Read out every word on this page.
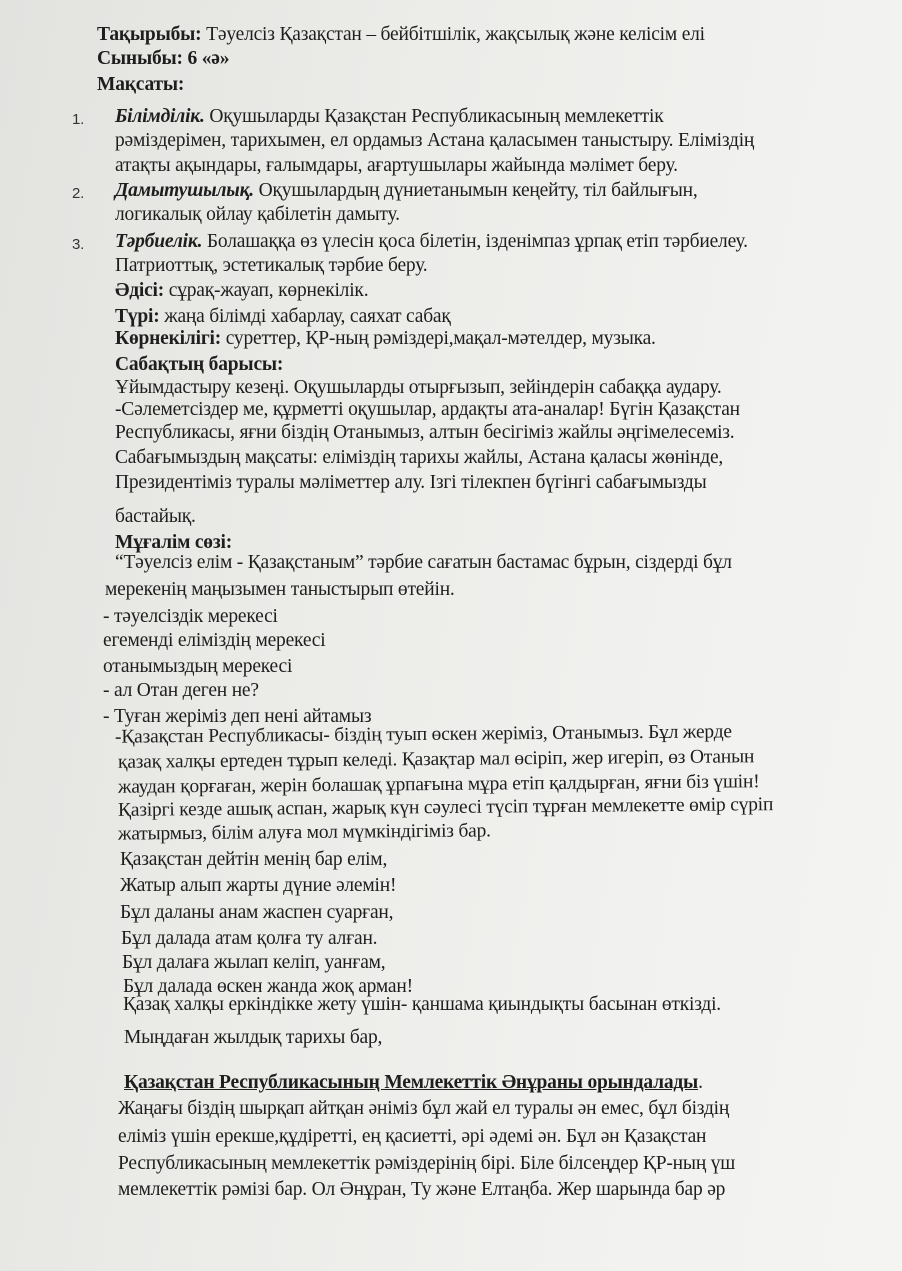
Тақырыбы: Тәуелсіз Қазақстан – бейбітшілік, жақсылық және келісім елі
Сыныбы: 6 «ә»
Мақсаты:
1. Білімділік. Оқушыларды Қазақстан Республикасының мемлекеттік
рәміздерімен, тарихымен, ел ордамыз Астана қаласымен таныстыру. Еліміздің
атақты ақындары, ғалымдары, ағартушылары жайында мәлімет беру.
2. Дамытушылық. Оқушылардың дүниетанымын кеңейту, тіл байлығын,
логикалық ойлау қабілетін дамыту.
3. Тәрбиелік. Болашаққа өз үлесін қоса білетін, ізденімпаз ұрпақ етіп тәрбиелеу.
Патриоттық, эстетикалық тәрбие беру.
Әдісі: сұрақ-жауап, көрнекілік.
Түрі: жаңа білімді хабарлау, саяхат сабақ
Көрнекілігі: суреттер, ҚР-ның рәміздері,мақал-мәтелдер, музыка.
Сабақтың барысы:
Ұйымдастыру кезеңі. Оқушыларды отырғызып, зейіндерін сабаққа аудару.
-Сәлеметсіздер ме, құрметті оқушылар, ардақты ата-аналар! Бүгін Қазақстан
Республикасы, яғни біздің Отанымыз, алтын бесігіміз жайлы әңгімелесеміз.
Сабағымыздың мақсаты: еліміздің тарихы жайлы, Астана қаласы жөнінде,
Президентіміз туралы мәліметтер алу. Ізгі тілекпен бүгінгі сабағымызды
бастайық.
Мұғалім сөзі:
“Тәуелсіз елім - Қазақстаным” тәрбие сағатын бастамас бұрын, сіздерді бұл
мерекенің маңызымен таныстырып өтейін.
- тәуелсіздік мерекесі
егеменді еліміздің мерекесі
отанымыздың мерекесі
- ал Отан деген не?
- Туған жеріміз деп нені айтамыз
-Қазақстан Республикасы- біздің туып өскен жеріміз, Отанымыз. Бұл жерде
қазақ халқы ертеден тұрып келеді. Қазақтар мал өсіріп, жер игеріп, өз Отанын
жаудан қорғаған, жерін болашақ ұрпағына мұра етіп қалдырған, яғни біз үшін!
Қазіргі кезде ашық аспан, жарық күн сәулесі түсіп тұрған мемлекетте өмір сүріп
жатырмыз, білім алуға мол мүмкіндігіміз бар.
Қазақстан дейтін менің бар елім,
Жатыр алып жарты дүние әлемін!
Бұл даланы анам жаспен суарған,
Бұл далада атам қолға ту алған.
Бұл далаға жылап келіп, уанғам,
Бұл далада өскен жанда жоқ арман!
Қазақ халқы еркіндікке жету үшін- қаншама қиындықты басынан өткізді.
Мыңдаған жылдық тарихы бар,
Қазақстан Республикасының Мемлекеттік Әнұраны орындалады.
Жаңағы біздің шырқап айтқан әніміз бұл жай ел туралы ән емес, бұл біздің
еліміз үшін ерекше,құдіретті, ең қасиетті, әрі әдемі ән. Бұл ән Қазақстан
Республикасының мемлекеттік рәміздерінің бірі. Біле білсеңдер ҚР-ның үш
мемлекеттік рәмізі бар. Ол Әнұран, Ту және Елтаңба. Жер шарында бар әр
